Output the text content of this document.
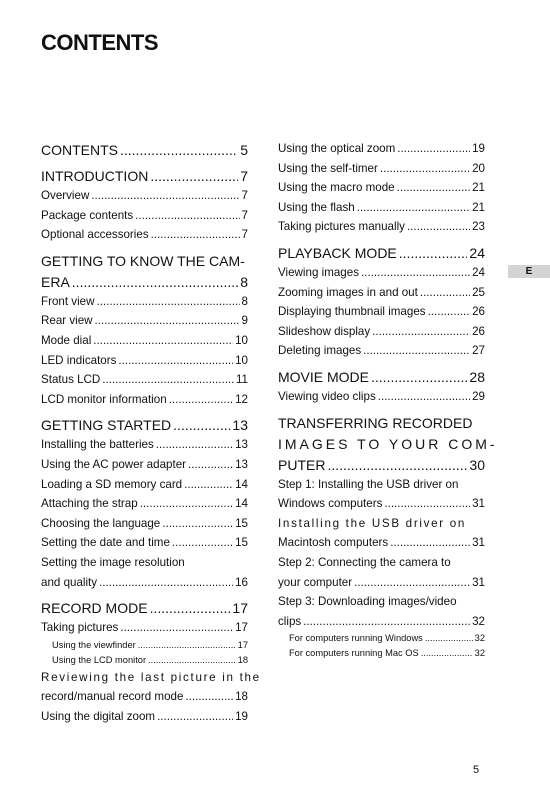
CONTENTS
E
CONTENTS .....	5
INTRODUCTION .....	7
Overview .....	7
Package contents .....	7
Optional accessories .....	7
GETTING TO KNOW THE CAM-
ERA .....	8
Front view .....	8
Rear view .....	9
Mode dial .....	10
LED indicators .....	10
Status LCD .....	11
LCD monitor information .....	12
GETTING STARTED .....	13
Installing the batteries .....	13
Using the AC power adapter .....	13
Loading a SD memory card .....	14
Attaching the strap .....	14
Choosing the language .....	15
Setting the date and time .....	15
Setting the image resolution
and quality .....	16
RECORD MODE .....	17
Taking pictures .....	17
Using the viewfinder .....	17
Using the LCD monitor .....	18
Reviewing the last picture in the
record/manual record mode .....	18
Using the digital zoom .....	19
Using the optical zoom .....	19
Using the self-timer .....	20
Using the macro mode .....	21
Using the flash .....	21
Taking pictures manually .....	23
PLAYBACK MODE .....	24
Viewing images .....	24
Zooming images in and out .....	25
Displaying thumbnail images .....	26
Slideshow display .....	26
Deleting images .....	27
MOVIE MODE .....	28
Viewing video clips .....	29
TRANSFERRING RECORDED
IMAGES TO YOUR COM-
PUTER .....	30
Step 1: Installing the USB driver on
Windows computers .....	31
Installing the USB driver on
Macintosh computers .....	31
Step 2: Connecting the camera to
your computer .....	31
Step 3: Downloading images/video
clips .....	32
For computers running Windows .....	32
For computers running Mac OS .....	32
5
